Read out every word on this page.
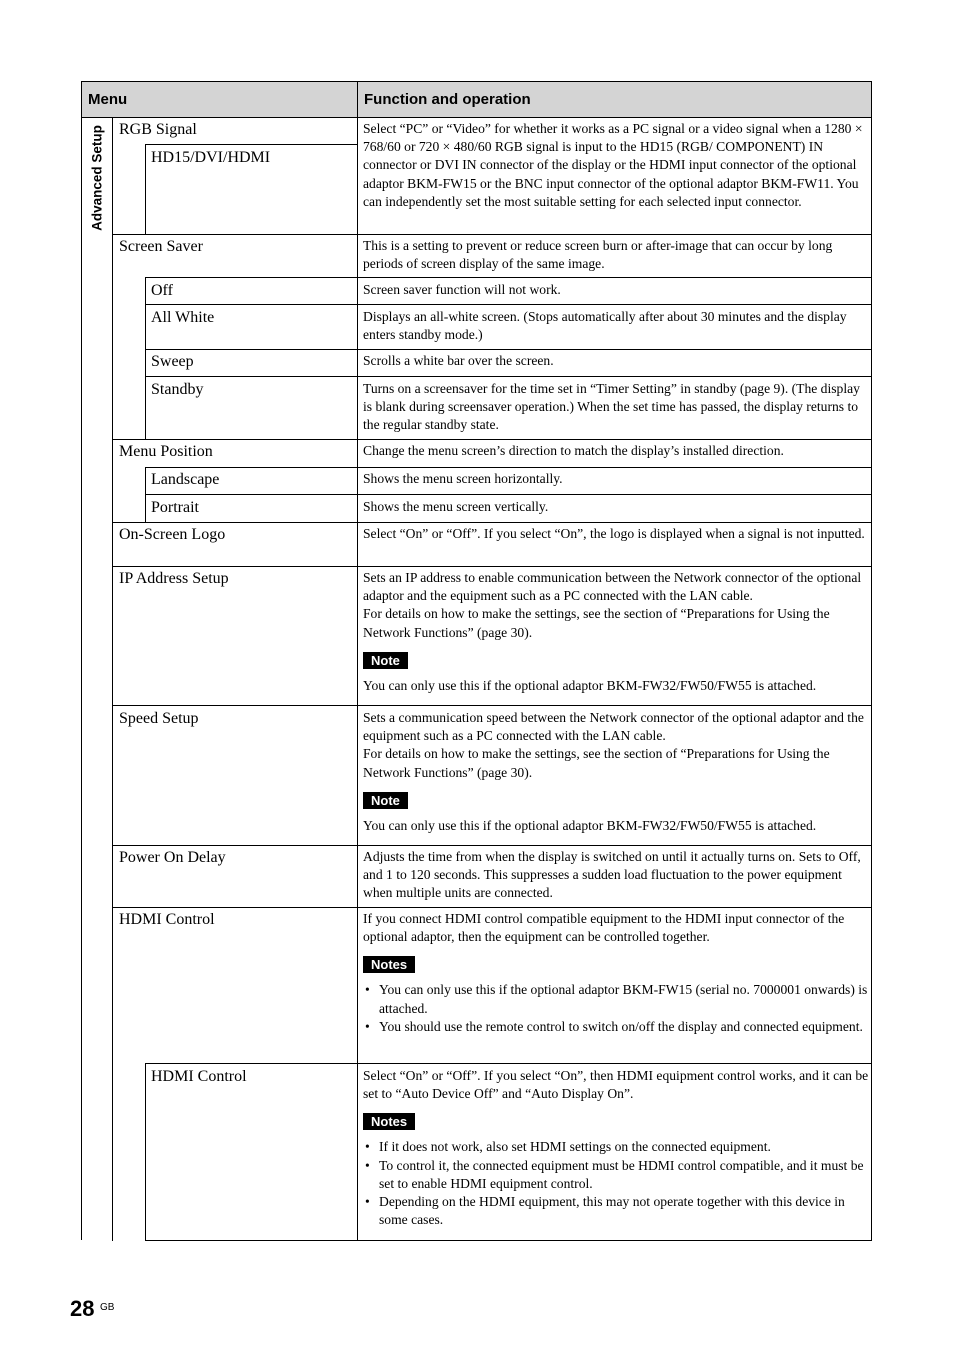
Menu	Function and operation
Advanced Setup RGB Signal
HD15/DVI/HDMI
Screen Saver
Off
All White
Sweep
Standby
Menu Position
Landscape
Portrait
On-Screen Logo
IP Address Setup
Speed Setup
Power On Delay
HDMI Control
HDMI Control
Select “PC” or “Video” for whether it works as a PC signal or a video signal when a 1280 × 768/60 or 720 × 480/60 RGB signal is input to the HD15 (RGB/ COMPONENT) IN connector or DVI IN connector of the display or the HDMI input connector of the optional adaptor BKM-FW15 or the BNC input connector of the optional adaptor BKM-FW11. You can independently set the most suitable setting for each selected input connector.
This is a setting to prevent or reduce screen burn or after-image that can occur by long periods of screen display of the same image.
Screen saver function will not work.
Displays an all-white screen. (Stops automatically after about 30 minutes and the display enters standby mode.)
Scrolls a white bar over the screen.
Turns on a screensaver for the time set in “Timer Setting” in standby (page 9). (The display is blank during screensaver operation.) When the set time has passed, the display returns to the regular standby state.
Change the menu screen’s direction to match the display’s installed direction.
Shows the menu screen horizontally.
Shows the menu screen vertically.
Select “On” or “Off”. If you select “On”, the logo is displayed when a signal is not inputted.

Sets an IP address to enable communication between the Network connector of the optional adaptor and the equipment such as a PC connected with the LAN cable.

For details on how to make the settings, see the section of “Preparations for Using the Network Functions” (page 30).

Note

You can only use this if the optional adaptor BKM-FW32/FW50/FW55 is attached.

Sets a communication speed between the Network connector of the optional adaptor and the equipment such as a PC connected with the LAN cable.

For details on how to make the settings, see the section of “Preparations for Using the Network Functions” (page 30).

Note

You can only use this if the optional adaptor BKM-FW32/FW50/FW55 is attached.

Adjusts the time from when the display is switched on until it actually turns on. Sets to Off, and 1 to 120 seconds. This suppresses a sudden load fluctuation to the power equipment when multiple units are connected.

If you connect HDMI control compatible equipment to the HDMI input connector of the optional adaptor, then the equipment can be controlled together.

Notes
• You can only use this if the optional adaptor BKM-FW15 (serial no. 7000001 onwards) is attached.
• You should use the remote control to switch on/off the display and connected equipment.

Select “On” or “Off”. If you select “On”, then HDMI equipment control works, and it can be set to “Auto Device Off” and “Auto Display On”.

Notes
• If it does not work, also set HDMI settings on the connected equipment.
• To control it, the connected equipment must be HDMI control compatible, and it must be set to enable HDMI equipment control.
• Depending on the HDMI equipment, this may not operate together with this device in some cases.
28 GB
